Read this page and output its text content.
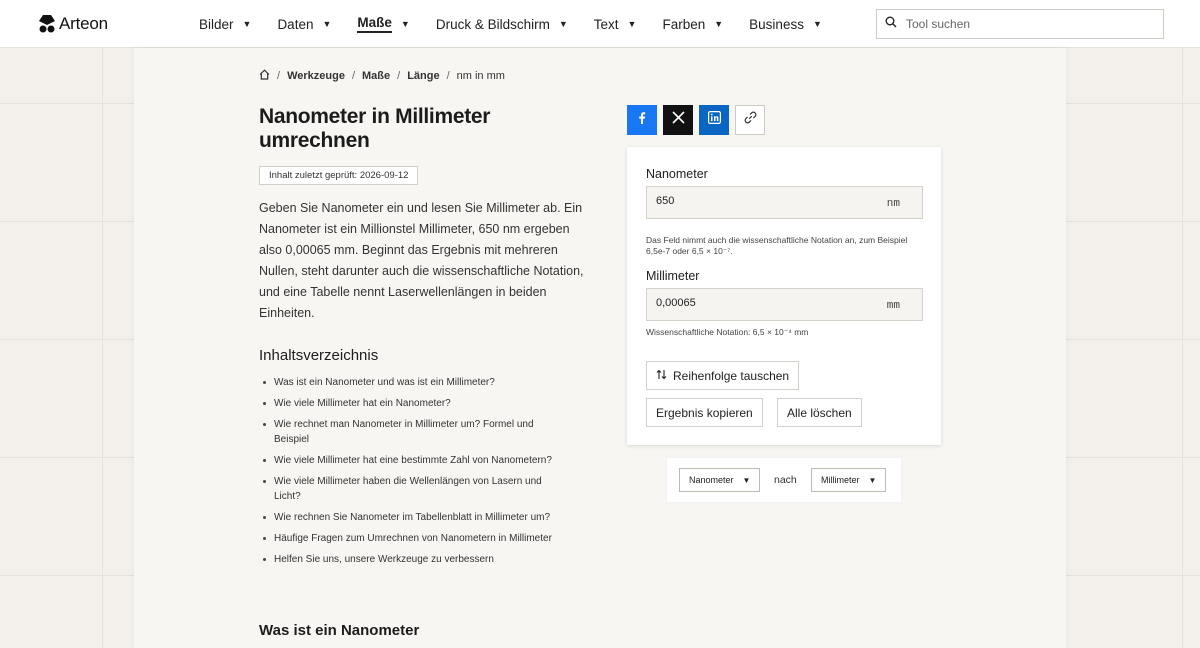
Arteon	Bilder ▼ Daten ▼ Maße ▼ Druck & Bildschirm ▼ Text ▼ Farben ▼ Business ▼
Tool suchen
/ Werkzeuge / Maße / Länge / nm in mm
Nanometer in Millimeter umrechnen
Inhalt zuletzt geprüft: 2026-09-12

Geben Sie Nanometer ein und lesen Sie Millimeter ab. Ein Nanometer ist ein Millionstel Millimeter, 650 nm ergeben also 0,00065 mm. Beginnt das Ergebnis mit mehreren Nullen, steht darunter auch die wissenschaftliche Notation, und eine Tabelle nennt Laserwellenlängen in beiden Einheiten.

Inhaltsverzeichnis
Was ist ein Nanometer und was ist ein Millimeter?
Wie viele Millimeter hat ein Nanometer?
Wie rechnet man Nanometer in Millimeter um? Formel und Beispiel
Wie viele Millimeter hat eine bestimmte Zahl von Nanometern?
Wie viele Millimeter haben die Wellenlängen von Lasern und Licht?
Wie rechnen Sie Nanometer im Tabellenblatt in Millimeter um?
Häufige Fragen zum Umrechnen von Nanometern in Millimeter
Helfen Sie uns, unsere Werkzeuge zu verbessern
Was ist ein Nanometer
Nanometer
650
nm
Das Feld nimmt auch die wissenschaftliche Notation an, zum Beispiel 6,5e-7 oder 6,5 × 10⁻⁷.
Millimeter
0,00065
mm
Wissenschaftliche Notation: 6,5 × 10⁻⁴ mm
Reihenfolge tauschen
Ergebnis kopieren	Alle löschen
Nanometer ▼ nach	Millimeter ▼
